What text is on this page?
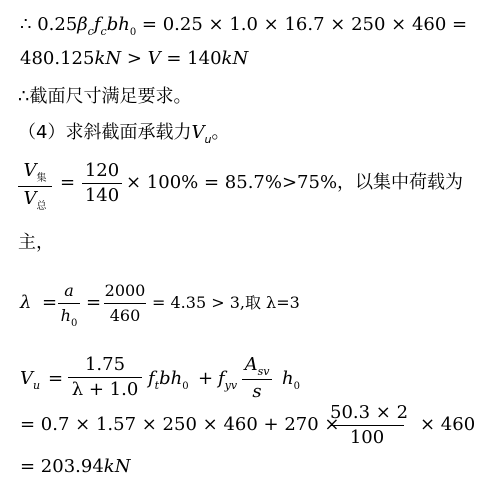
∴ $0.25\beta_cf_cbh_0 = 0.25 \times 1.0 \times 16.7 \times 250 \times 460$ =
480.125kN > V = 140kN
∴截面尺寸满足要求。
（4）求斜截面承载力$V_u$。
$V_集$
$V_总$
=
120
140
× 100% = 85.7%>75%，以集中荷载为
主，
λ =
a
$h_0$
=
2000
460
= 4.35 > 3,取 λ=3
$V_u$ =
1.75
λ + 1.0
$f_tbh_0 + f_{yv}$
$A_{sv}$
s
$h_0$
= 0.7 × 1.57 × 250 × 460 + 270 ×
50.3 × 2
100
× 460
= 203.94kN
